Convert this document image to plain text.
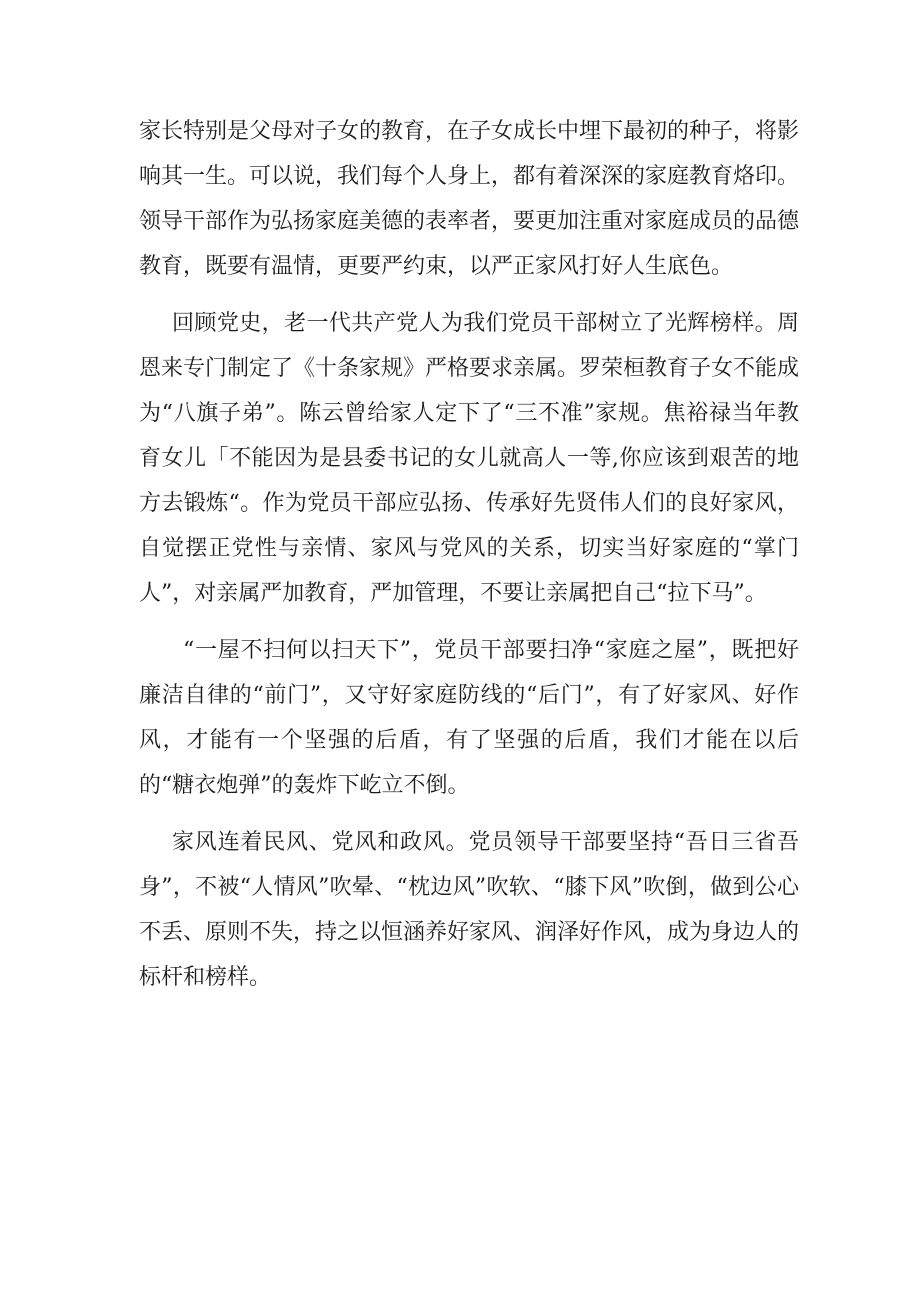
家长特别是父母对子女的教育，在子女成长中埋下最初的种子，将影响其一生。可以说，我们每个人身上，都有着深深的家庭教育烙印。领导干部作为弘扬家庭美德的表率者，要更加注重对家庭成员的品德教育，既要有温情，更要严约束，以严正家风打好人生底色。

回顾党史，老一代共产党人为我们党员干部树立了光辉榜样。周恩来专门制定了《十条家规》严格要求亲属。罗荣桓教育子女不能成为“八旗子弟”。陈云曾给家人定下了“三不准”家规。焦裕禄当年教育女儿「不能因为是县委书记的女儿就高人一等,你应该到艰苦的地方去锻炼“。作为党员干部应弘扬、传承好先贤伟人们的良好家风，自觉摆正党性与亲情、家风与党风的关系，切实当好家庭的“掌门人”，对亲属严加教育，严加管理，不要让亲属把自己“拉下马”。

“一屋不扫何以扫天下”，党员干部要扫净“家庭之屋”，既把好廉洁自律的“前门”，又守好家庭防线的“后门”，有了好家风、好作风，才能有一个坚强的后盾，有了坚强的后盾，我们才能在以后的“糖衣炮弹”的轰炸下屹立不倒。

家风连着民风、党风和政风。党员领导干部要坚持“吾日三省吾身”，不被“人情风”吹晕、“枕边风”吹软、“膝下风”吹倒，做到公心不丢、原则不失，持之以恒涵养好家风、润泽好作风，成为身边人的标杆和榜样。
